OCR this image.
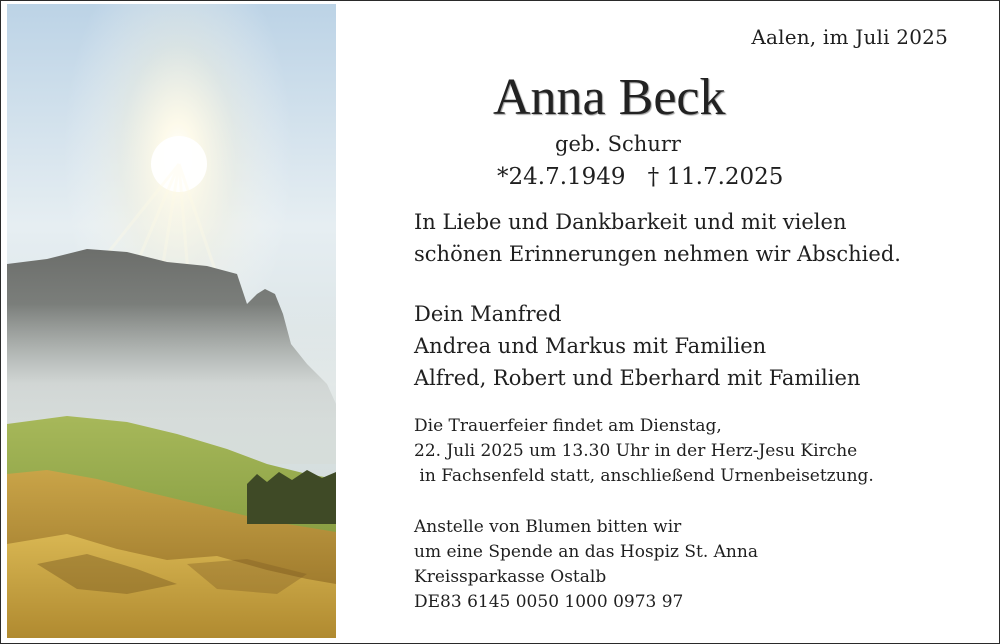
Aalen, im Juli 2025
Anna Beck
geb. Schurr
*24.7.1949 † 11.7.2025
In Liebe und Dankbarkeit und mit vielen
schönen Erinnerungen nehmen wir Abschied.
Dein Manfred
Andrea und Markus mit Familien
Alfred, Robert und Eberhard mit Familien
Die Trauerfeier findet am Dienstag,
22. Juli 2025 um 13.30 Uhr in der Herz-Jesu Kirche
in Fachsenfeld statt, anschließend Urnenbeisetzung.
Anstelle von Blumen bitten wir
um eine Spende an das Hospiz St. Anna
Kreissparkasse Ostalb
DE83 6145 0050 1000 0973 97
